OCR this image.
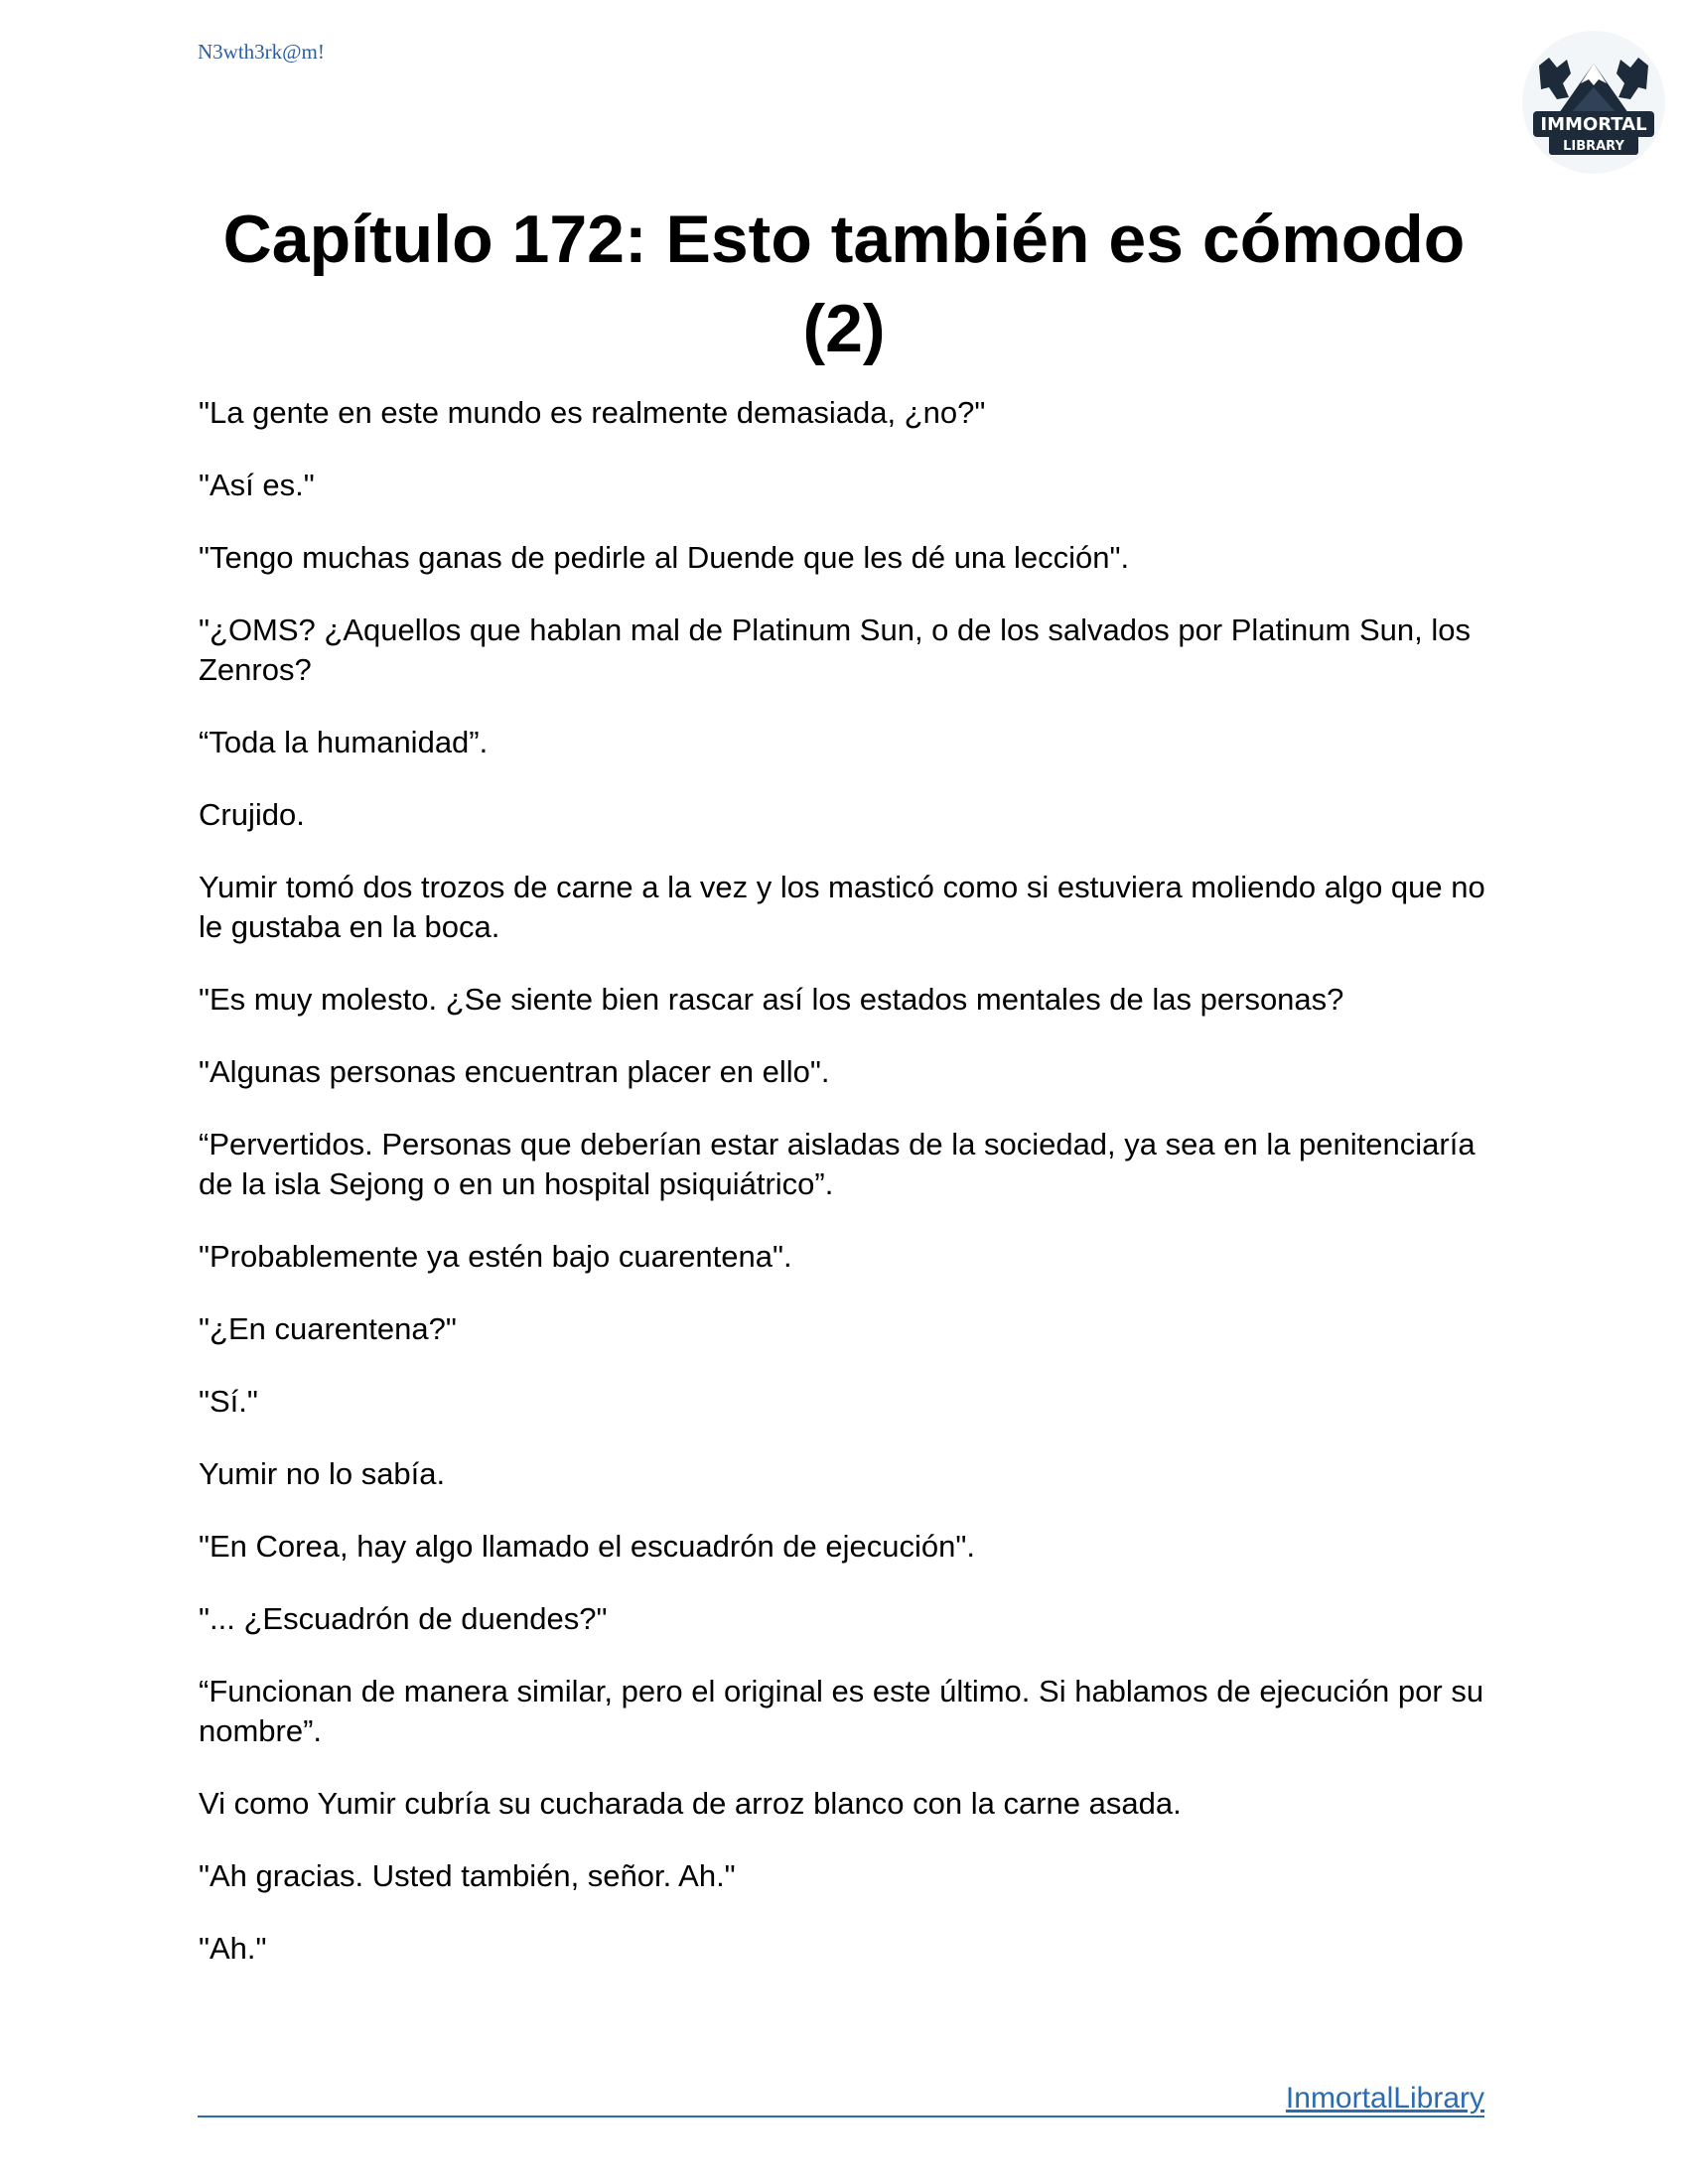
N3wth3rk@m!
IMMORTAL
LIBRARY
Capítulo 172: Esto también es cómodo (2)

"La gente en este mundo es realmente demasiada, ¿no?"

"Así es."

"Tengo muchas ganas de pedirle al Duende que les dé una lección".

"¿OMS? ¿Aquellos que hablan mal de Platinum Sun, o de los salvados por Platinum Sun, los Zenros?

“Toda la humanidad”.

Crujido.

Yumir tomó dos trozos de carne a la vez y los masticó como si estuviera moliendo algo que no le gustaba en la boca.

"Es muy molesto. ¿Se siente bien rascar así los estados mentales de las personas?

"Algunas personas encuentran placer en ello".

“Pervertidos. Personas que deberían estar aisladas de la sociedad, ya sea en la penitenciaría de la isla Sejong o en un hospital psiquiátrico”.

"Probablemente ya estén bajo cuarentena".

"¿En cuarentena?"

"Sí."

Yumir no lo sabía.

"En Corea, hay algo llamado el escuadrón de ejecución".

"... ¿Escuadrón de duendes?"

“Funcionan de manera similar, pero el original es este último. Si hablamos de ejecución por su nombre”.

Vi como Yumir cubría su cucharada de arroz blanco con la carne asada.

"Ah gracias. Usted también, señor. Ah."

"Ah."

InmortalLibrary
